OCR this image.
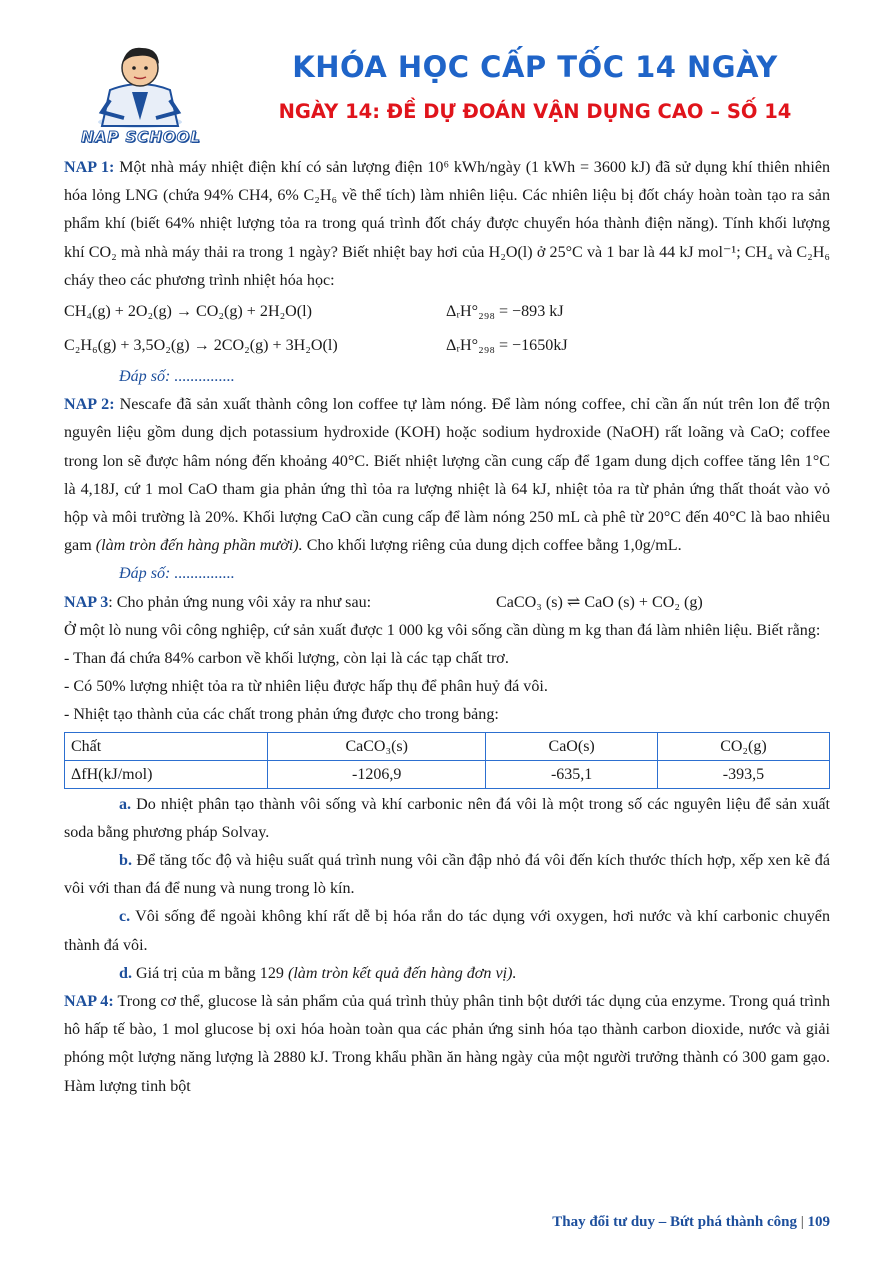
NAP SCHOOL
KHÓA HỌC CẤP TỐC 14 NGÀY
NGÀY 14: ĐỀ DỰ ĐOÁN VẬN DỤNG CAO – SỐ 14

NAP 1: Một nhà máy nhiệt điện khí có sản lượng điện 10⁶ kWh/ngày (1 kWh = 3600 kJ) đã sử dụng khí thiên nhiên hóa lỏng LNG (chứa 94% CH4, 6% C₂H₆ về thể tích) làm nhiên liệu. Các nhiên liệu bị đốt cháy hoàn toàn tạo ra sản phẩm khí (biết 64% nhiệt lượng tỏa ra trong quá trình đốt cháy được chuyển hóa thành điện năng). Tính khối lượng khí CO₂ mà nhà máy thải ra trong 1 ngày? Biết nhiệt bay hơi của H₂O(l) ở 25°C và 1 bar là 44 kJ mol⁻¹; CH₄ và C₂H₆ cháy theo các phương trình nhiệt hóa học:

CH₄(g) + 2O₂(g) → CO₂(g) + 2H₂O(l)	ΔᵣH°₂₉₈ = −893 kJ
C₂H₆(g) + 3,5O₂(g) → 2CO₂(g) + 3H₂O(l)	ΔᵣH°₂₉₈ = −1650kJ

Đáp số: ...............

NAP 2: Nescafe đã sản xuất thành công lon coffee tự làm nóng. Để làm nóng coffee, chỉ cần ấn nút trên lon để trộn nguyên liệu gồm dung dịch potassium hydroxide (KOH) hoặc sodium hydroxide (NaOH) rất loãng và CaO; coffee trong lon sẽ được hâm nóng đến khoảng 40°C. Biết nhiệt lượng cần cung cấp để 1gam dung dịch coffee tăng lên 1°C là 4,18J, cứ 1 mol CaO tham gia phản ứng thì tỏa ra lượng nhiệt là 64 kJ, nhiệt tỏa ra từ phản ứng thất thoát vào vỏ hộp và môi trường là 20%. Khối lượng CaO cần cung cấp để làm nóng 250 mL cà phê từ 20°C đến 40°C là bao nhiêu gam (làm tròn đến hàng phần mười). Cho khối lượng riêng của dung dịch coffee bằng 1,0g/mL.

Đáp số: ...............

NAP 3: Cho phản ứng nung vôi xảy ra như sau:	CaCO₃ (s) ⇌ CaO (s) + CO₂ (g)

Ở một lò nung vôi công nghiệp, cứ sản xuất được 1 000 kg vôi sống cần dùng m kg than đá làm nhiên liệu. Biết rằng:

- Than đá chứa 84% carbon về khối lượng, còn lại là các tạp chất trơ.

- Có 50% lượng nhiệt tỏa ra từ nhiên liệu được hấp thụ để phân huỷ đá vôi.

- Nhiệt tạo thành của các chất trong phản ứng được cho trong bảng:

Chất	CaCO₃(s)	CaO(s)	CO₂(g)
ΔfH(kJ/mol)	-1206,9	-635,1	-393,5

a. Do nhiệt phân tạo thành vôi sống và khí carbonic nên đá vôi là một trong số các nguyên liệu để sản xuất soda bằng phương pháp Solvay.

b. Để tăng tốc độ và hiệu suất quá trình nung vôi cần đập nhỏ đá vôi đến kích thước thích hợp, xếp xen kẽ đá vôi với than đá để nung và nung trong lò kín.

c. Vôi sống để ngoài không khí rất dễ bị hóa rắn do tác dụng với oxygen, hơi nước và khí carbonic chuyển thành đá vôi.

d. Giá trị của m bằng 129 (làm tròn kết quả đến hàng đơn vị).

NAP 4: Trong cơ thể, glucose là sản phẩm của quá trình thủy phân tinh bột dưới tác dụng của enzyme. Trong quá trình hô hấp tế bào, 1 mol glucose bị oxi hóa hoàn toàn qua các phản ứng sinh hóa tạo thành carbon dioxide, nước và giải phóng một lượng năng lượng là 2880 kJ. Trong khẩu phần ăn hàng ngày của một người trưởng thành có 300 gam gạo. Hàm lượng tinh bột

Thay đổi tư duy – Bứt phá thành công | 109
